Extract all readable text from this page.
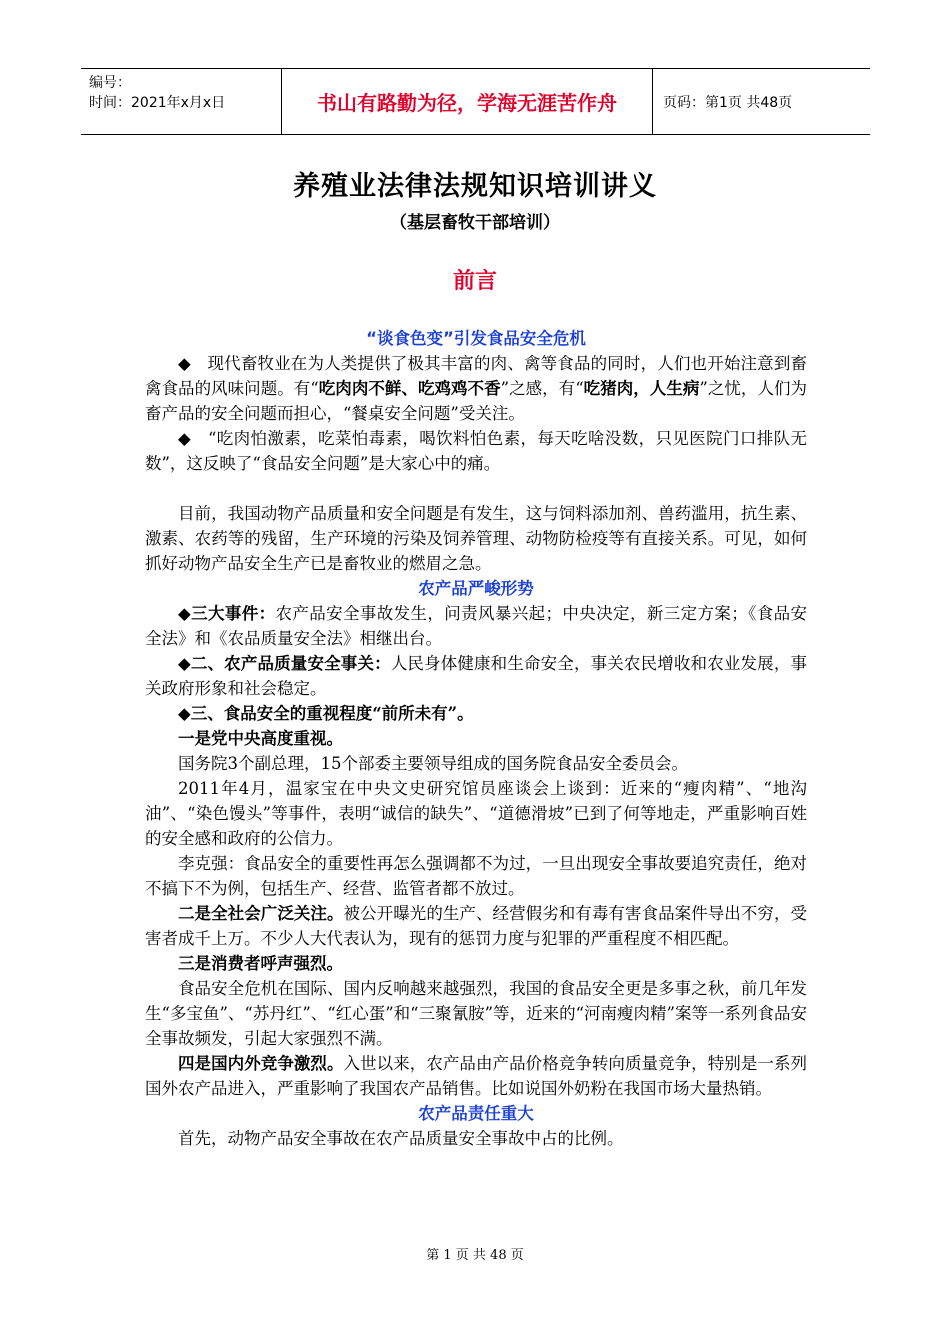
编号：
时间：2021年x月x日	书山有路勤为径，学海无涯苦作舟	页码：第1页 共48页
养殖业法律法规知识培训讲义
（基层畜牧干部培训）
前言

“谈食色变”引发食品安全危机

◆　现代畜牧业在为人类提供了极其丰富的肉、禽等食品的同时，人们也开始注意到畜禽食品的风味问题。有“吃肉肉不鲜、吃鸡鸡不香”之感，有“吃猪肉，人生病”之忧，人们为畜产品的安全问题而担心，“餐桌安全问题”受关注。

◆　“吃肉怕激素，吃菜怕毒素，喝饮料怕色素，每天吃啥没数，只见医院门口排队无数”，这反映了“食品安全问题”是大家心中的痛。

目前，我国动物产品质量和安全问题是有发生，这与饲料添加剂、兽药滥用，抗生素、激素、农药等的残留，生产环境的污染及饲养管理、动物防检疫等有直接关系。可见，如何抓好动物产品安全生产已是畜牧业的燃眉之急。

农产品严峻形势

◆三大事件：农产品安全事故发生，问责风暴兴起；中央决定，新三定方案；《食品安全法》和《农品质量安全法》相继出台。

◆二、农产品质量安全事关：人民身体健康和生命安全，事关农民增收和农业发展，事关政府形象和社会稳定。

◆三、食品安全的重视程度“前所未有”。

一是党中央高度重视。

国务院3个副总理，15个部委主要领导组成的国务院食品安全委员会。

2011年4月，温家宝在中央文史研究馆员座谈会上谈到：近来的“瘦肉精”、“地沟油”、“染色馒头”等事件，表明“诚信的缺失”、“道德滑坡”已到了何等地走，严重影响百姓的安全感和政府的公信力。

李克强：食品安全的重要性再怎么强调都不为过，一旦出现安全事故要追究责任，绝对不搞下不为例，包括生产、经营、监管者都不放过。

二是全社会广泛关注。被公开曝光的生产、经营假劣和有毒有害食品案件导出不穷，受害者成千上万。不少人大代表认为，现有的惩罚力度与犯罪的严重程度不相匹配。

三是消费者呼声强烈。

食品安全危机在国际、国内反响越来越强烈，我国的食品安全更是多事之秋，前几年发生“多宝鱼”、“苏丹红”、“红心蛋”和“三聚氰胺”等，近来的“河南瘦肉精”案等一系列食品安全事故频发，引起大家强烈不满。

四是国内外竞争激烈。入世以来，农产品由产品价格竞争转向质量竞争，特别是一系列国外农产品进入，严重影响了我国农产品销售。比如说国外奶粉在我国市场大量热销。

农产品责任重大

首先，动物产品安全事故在农产品质量安全事故中占的比例。

第 1 页 共 48 页
